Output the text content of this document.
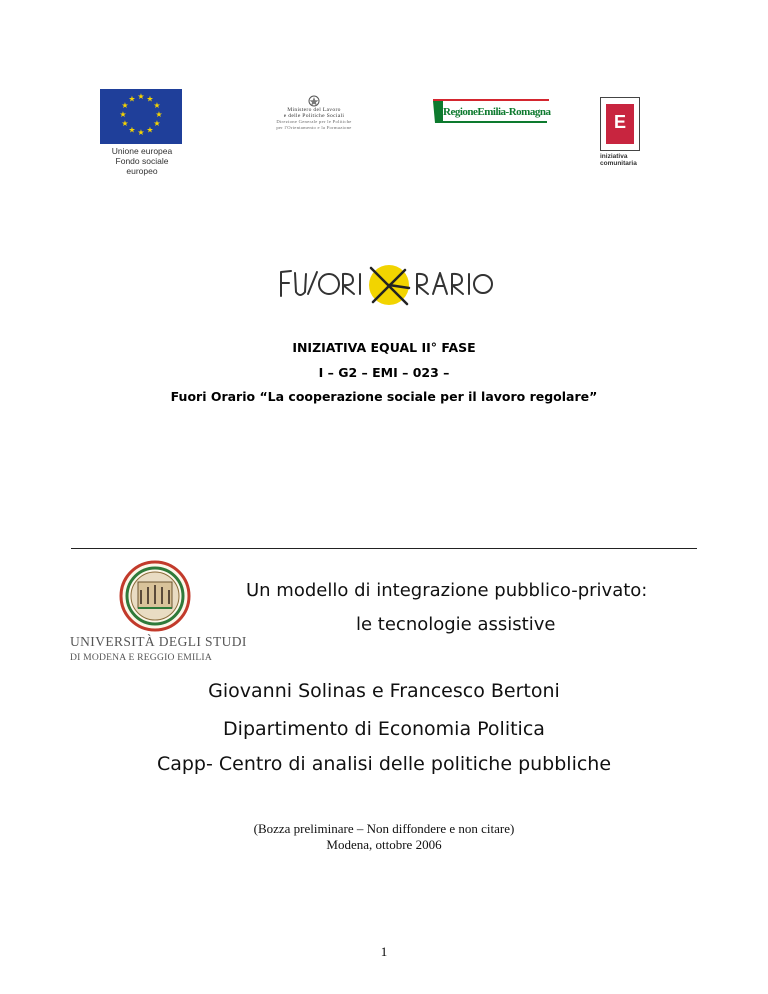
★ ★
★
★
★
★
★
★
★
★
★
★
Unione europea
Fondo sociale europeo
Ministero del Lavoro
e delle Politiche Sociali
Direzione Generale per le Politiche
per l'Orientamento e la Formazione
RegioneEmilia-Romagna	E
iniziativa
comunitaria
INIZIATIVA EQUAL II° FASE
I – G2 – EMI – 023 –
Fuori Orario “La cooperazione sociale per il lavoro regolare”
UNIVERSITÀ DEGLI STUDI
DI MODENA E REGGIO EMILIA
Un modello di integrazione pubblico-privato:
le tecnologie assistive
Giovanni Solinas e Francesco Bertoni
Dipartimento di Economia Politica
Capp- Centro di analisi delle politiche pubbliche
(Bozza preliminare – Non diffondere e non citare)
Modena, ottobre 2006
1
